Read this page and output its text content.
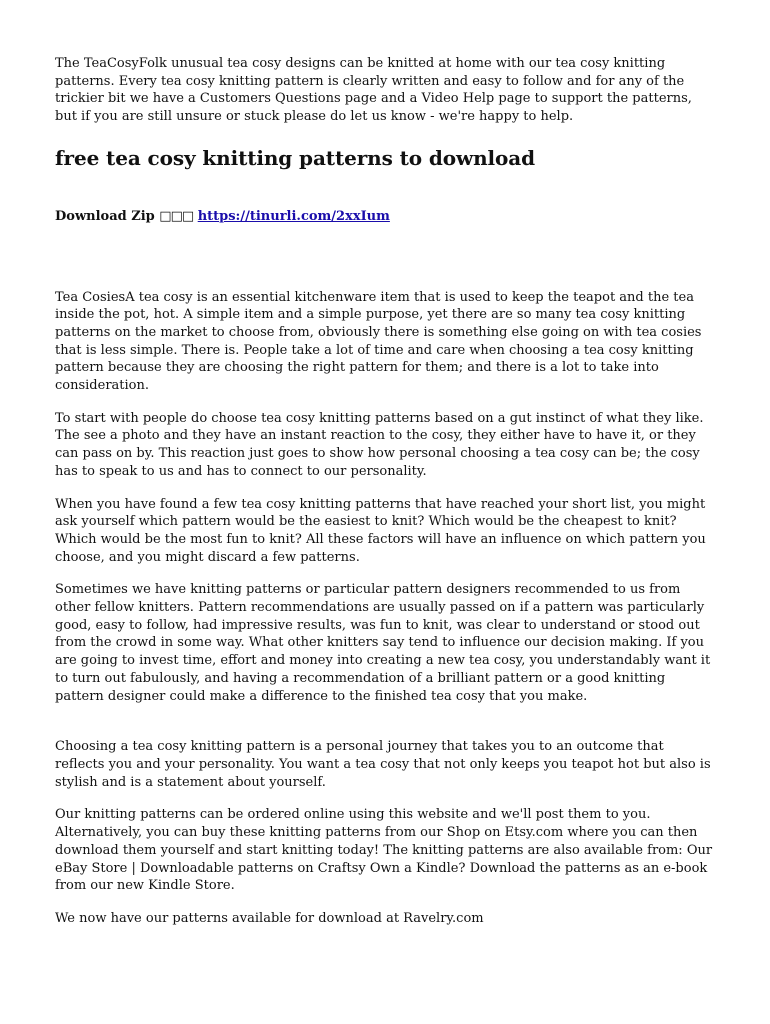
The TeaCosyFolk unusual tea cosy designs can be knitted at home with our tea cosy knitting patterns. Every tea cosy knitting pattern is clearly written and easy to follow and for any of the trickier bit we have a Customers Questions page and a Video Help page to support the patterns, but if you are still unsure or stuck please do let us know - we're happy to help.

free tea cosy knitting patterns to download

Download Zip □□□ https://tinurli.com/2xxIum

Tea CosiesA tea cosy is an essential kitchenware item that is used to keep the teapot and the tea inside the pot, hot. A simple item and a simple purpose, yet there are so many tea cosy knitting patterns on the market to choose from, obviously there is something else going on with tea cosies that is less simple. There is. People take a lot of time and care when choosing a tea cosy knitting pattern because they are choosing the right pattern for them; and there is a lot to take into consideration.

To start with people do choose tea cosy knitting patterns based on a gut instinct of what they like. The see a photo and they have an instant reaction to the cosy, they either have to have it, or they can pass on by. This reaction just goes to show how personal choosing a tea cosy can be; the cosy has to speak to us and has to connect to our personality.

When you have found a few tea cosy knitting patterns that have reached your short list, you might ask yourself which pattern would be the easiest to knit? Which would be the cheapest to knit? Which would be the most fun to knit? All these factors will have an influence on which pattern you choose, and you might discard a few patterns.

Sometimes we have knitting patterns or particular pattern designers recommended to us from other fellow knitters. Pattern recommendations are usually passed on if a pattern was particularly good, easy to follow, had impressive results, was fun to knit, was clear to understand or stood out from the crowd in some way. What other knitters say tend to influence our decision making. If you are going to invest time, effort and money into creating a new tea cosy, you understandably want it to turn out fabulously, and having a recommendation of a brilliant pattern or a good knitting pattern designer could make a difference to the finished tea cosy that you make.

Choosing a tea cosy knitting pattern is a personal journey that takes you to an outcome that reflects you and your personality. You want a tea cosy that not only keeps you teapot hot but also is stylish and is a statement about yourself.

Our knitting patterns can be ordered online using this website and we'll post them to you. Alternatively, you can buy these knitting patterns from our Shop on Etsy.com where you can then download them yourself and start knitting today! The knitting patterns are also available from: Our eBay Store | Downloadable patterns on Craftsy Own a Kindle? Download the patterns as an e-book from our new Kindle Store.

We now have our patterns available for download at Ravelry.com
